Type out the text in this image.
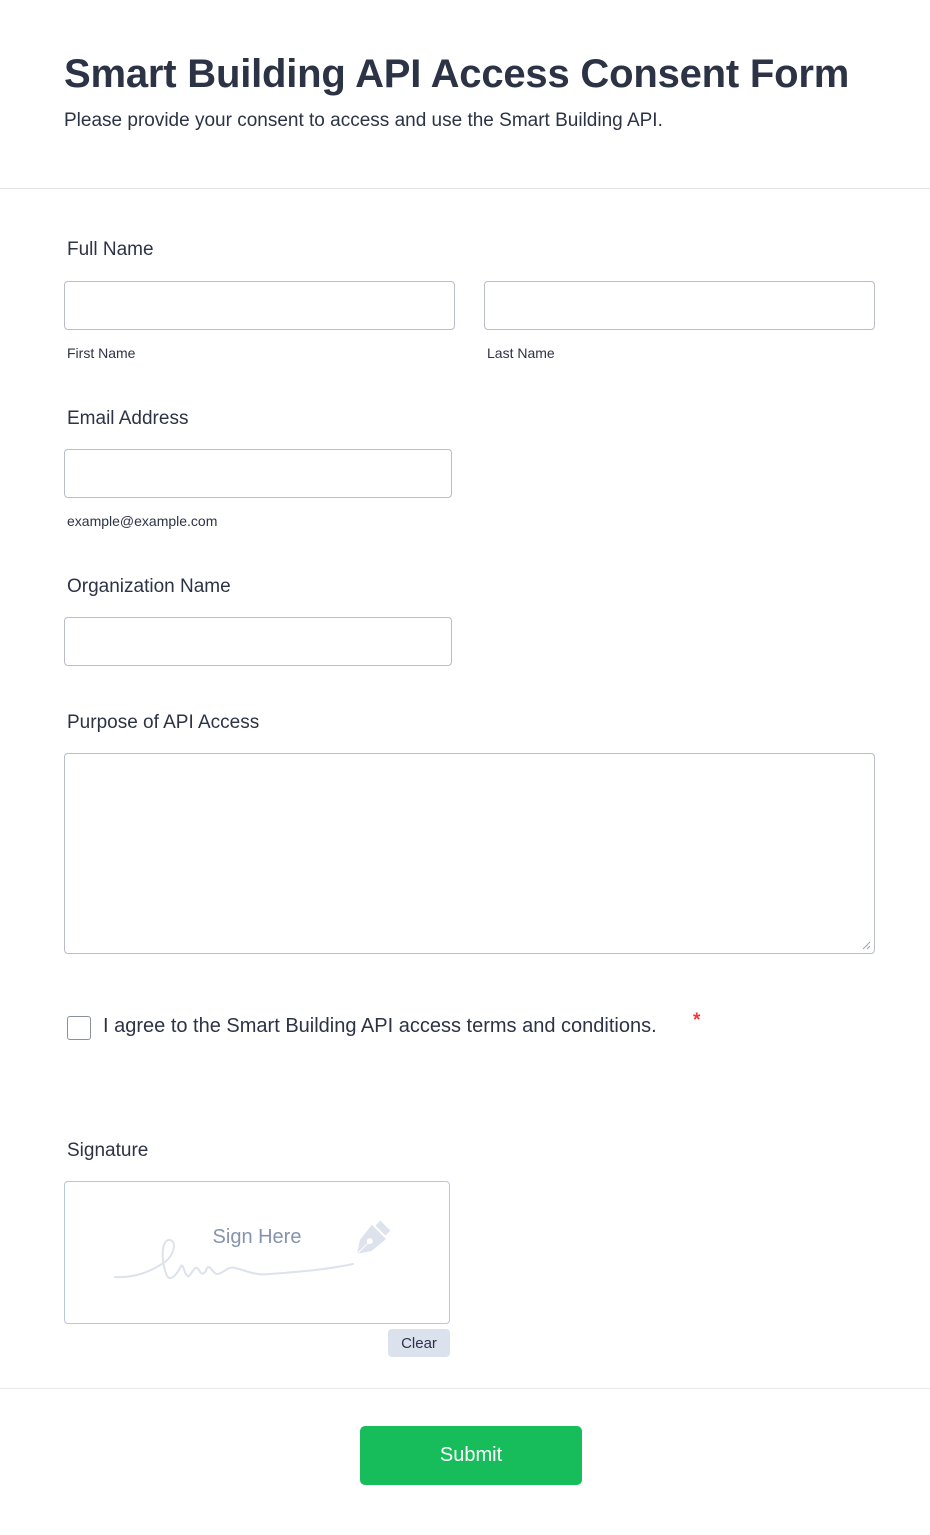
Smart Building API Access Consent Form

Please provide your consent to access and use the Smart Building API.

Full Name
First Name	Last Name
Email Address
example@example.com
Organization Name
Purpose of API Access
I agree to the Smart Building API access terms and conditions. *
Signature
Sign Here
Clear
Submit
